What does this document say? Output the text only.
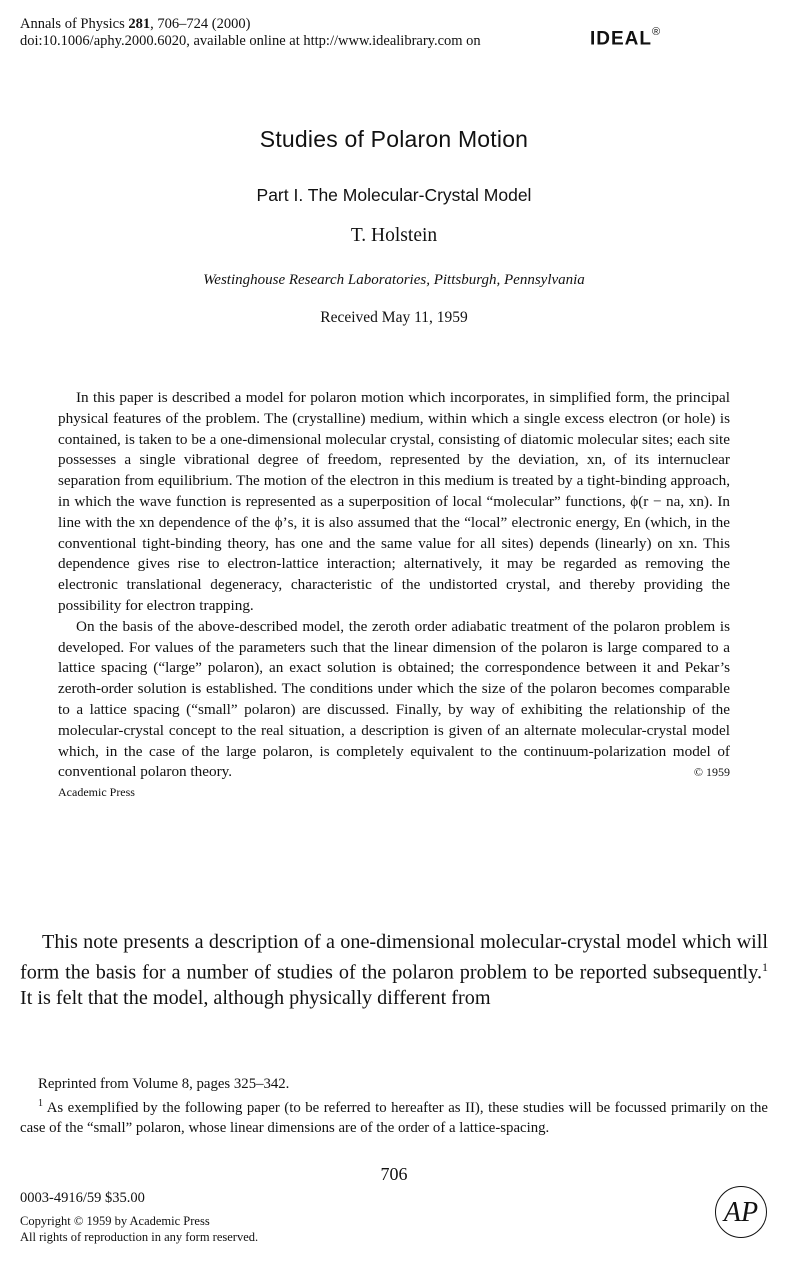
Annals of Physics 281, 706–724 (2000)
doi:10.1006/aphy.2000.6020, available online at http://www.idealibrary.com on	IDEAL®
Studies of Polaron Motion
Part I. The Molecular-Crystal Model
T. Holstein
Westinghouse Research Laboratories, Pittsburgh, Pennsylvania
Received May 11, 1959

In this paper is described a model for polaron motion which incorporates, in simplified form, the principal physical features of the problem. The (crystalline) medium, within which a single excess electron (or hole) is contained, is taken to be a one-dimensional molecular crystal, consisting of diatomic molecular sites; each site possesses a single vibrational degree of freedom, represented by the deviation, xn, of its internuclear separation from equilibrium. The motion of the electron in this medium is treated by a tight-binding approach, in which the wave function is represented as a superposition of local “molecular” functions, ϕ(r − na, xn). In line with the xn dependence of the ϕ’s, it is also assumed that the “local” electronic energy, En (which, in the conventional tight-binding theory, has one and the same value for all sites) depends (linearly) on xn. This dependence gives rise to electron-lattice interaction; alternatively, it may be regarded as removing the electronic translational degeneracy, characteristic of the undistorted crystal, and thereby providing the possibility for electron trapping.

On the basis of the above-described model, the zeroth order adiabatic treatment of the polaron problem is developed. For values of the parameters such that the linear dimension of the polaron is large compared to a lattice spacing (“large” polaron), an exact solution is obtained; the correspondence between it and Pekar’s zeroth-order solution is established. The conditions under which the size of the polaron becomes comparable to a lattice spacing (“small” polaron) are discussed. Finally, by way of exhibiting the relationship of the molecular-crystal concept to the real situation, a description is given of an alternate molecular-crystal model which, in the case of the large polaron, is completely equivalent to the continuum-polarization model of conventional polaron theory.	© 1959

Academic Press

This note presents a description of a one-dimensional molecular-crystal model which will form the basis for a number of studies of the polaron problem to be reported subsequently.$^1$ It is felt that the model, although physically different from

Reprinted from Volume 8, pages 325–342.

$^1$ As exemplified by the following paper (to be referred to hereafter as II), these studies will be focussed primarily on the case of the “small” polaron, whose linear dimensions are of the order of a lattice-spacing.

706
0003-4916/59 $35.00
Copyright © 1959 by Academic Press
All rights of reproduction in any form reserved.
AP
